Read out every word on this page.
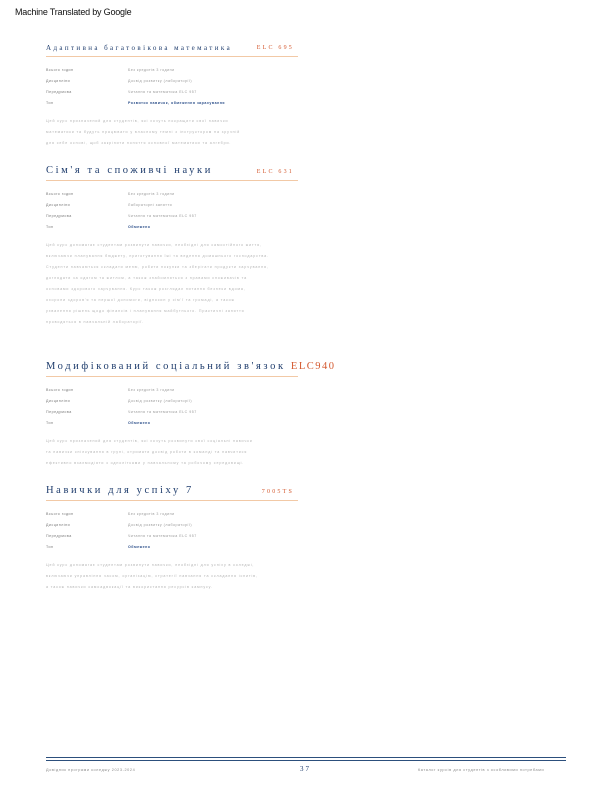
Machine Translated by Google
Адаптивна багатовікова математика	ELC 695
Всього годин	Без кредитів 3 години
Дисципліни	Досвід розвитку (лабораторії)
Передумова	Читання та математика ELC 957
Тип	Розвиток навичок, обмеження зарахування
Цей курс призначений для студентів, які хочуть покращити свої навички
математики та будуть працювати у власному темпі з інструктором на зручній
для себе основі, щоб закріпити поняття основної математики та алгебри.
Сім'я та споживчі науки	ELC 631
Всього годин	Без кредитів 3 години
Дисципліни	Лабораторні заняття
Передумова	Читання та математика ELC 957
Тип	Обмежено
Цей курс допомагає студентам розвинути навички, необхідні для самостійного життя,
включаючи планування бюджету, приготування їжі та ведення домашнього господарства.
Студенти навчаються складати меню, робити покупки та зберігати продукти харчування,
доглядати за одягом та житлом, а також знайомляться з правами споживачів та
основами здорового харчування. Курс також розглядає питання безпеки вдома,
охорони здоров'я та першої допомоги, відносин у сім'ї та громаді, а також
ухвалення рішень щодо фінансів і планування майбутнього. Практичні заняття
проводяться в навчальній лабораторії.
Модифікований соціальний зв'язок ELC940
Всього годин	Без кредитів 3 години
Дисципліни	Досвід розвитку (лабораторії)
Передумова	Читання та математика ELC 957
Тип	Обмежено
Цей курс призначений для студентів, які хочуть розвинути свої соціальні навички
та навички спілкування в групі, отримати досвід роботи в команді та навчитися
ефективно взаємодіяти з однолітками у навчальному та робочому середовищі.
Навички для успіху 7	7005TS
Всього годин	Без кредитів 3 години
Дисципліни	Досвід розвитку (лабораторії)
Передумова	Читання та математика ELC 957
Тип	Обмежено
Цей курс допомагає студентам розвинути навички, необхідні для успіху в коледжі,
включаючи управління часом, організацію, стратегії навчання та складання іспитів,
а також навички самоадвокації та використання ресурсів кампусу.
Довідник програми коледжу 2023-2024	37	Каталог курсів для студентів з особливими потребами
